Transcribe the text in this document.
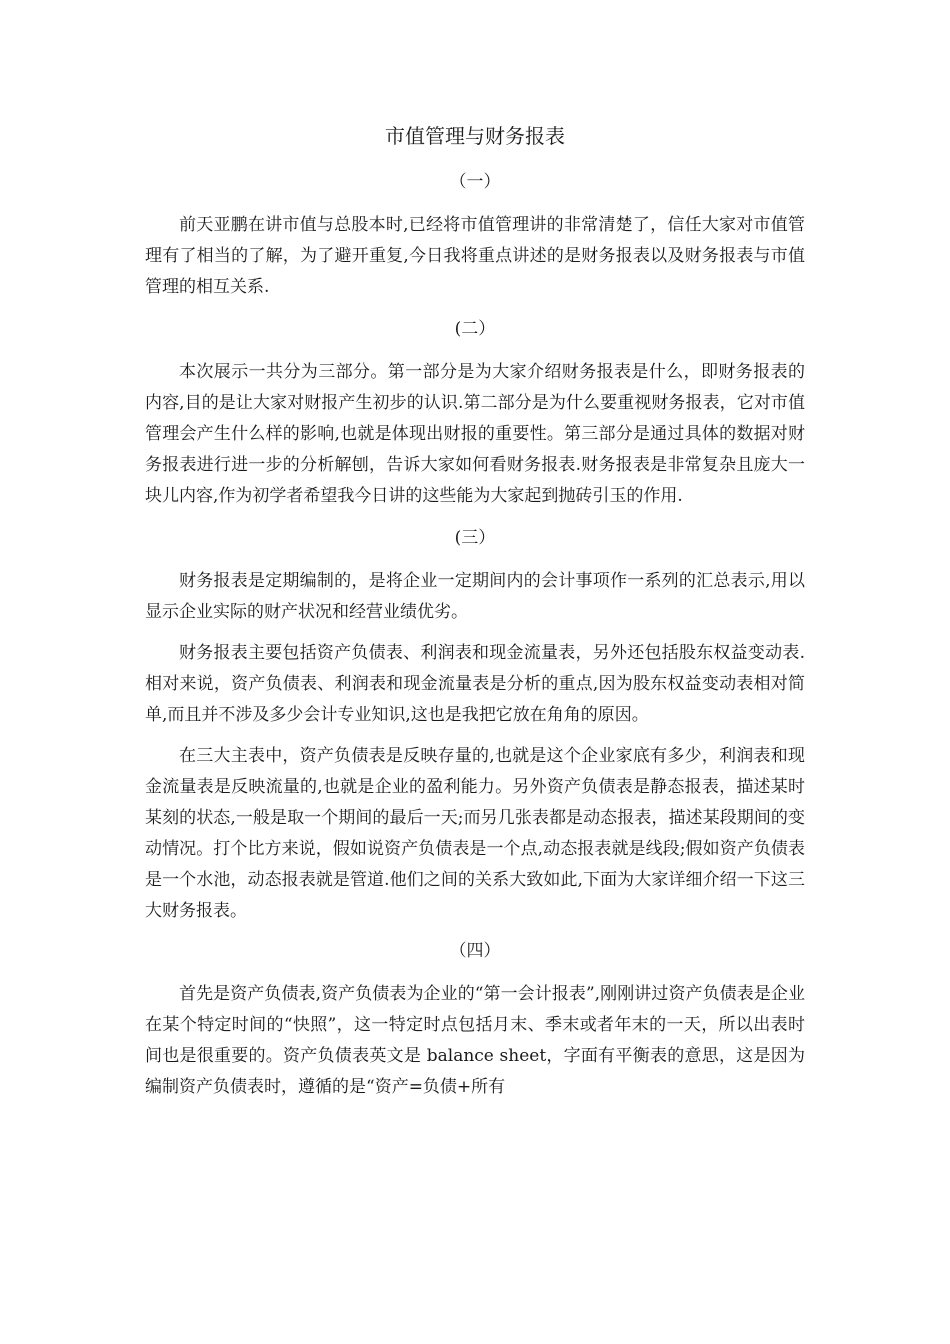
市值管理与财务报表
（一）

前天亚鹏在讲市值与总股本时,已经将市值管理讲的非常清楚了，信任大家对市值管理有了相当的了解，为了避开重复,今日我将重点讲述的是财务报表以及财务报表与市值管理的相互关系.

(二）

本次展示一共分为三部分。第一部分是为大家介绍财务报表是什么，即财务报表的内容,目的是让大家对财报产生初步的认识.第二部分是为什么要重视财务报表，它对市值管理会产生什么样的影响,也就是体现出财报的重要性。第三部分是通过具体的数据对财务报表进行进一步的分析解刨，告诉大家如何看财务报表.财务报表是非常复杂且庞大一块儿内容,作为初学者希望我今日讲的这些能为大家起到抛砖引玉的作用.

(三）

财务报表是定期编制的，是将企业一定期间内的会计事项作一系列的汇总表示,用以显示企业实际的财产状况和经营业绩优劣。

财务报表主要包括资产负债表、利润表和现金流量表，另外还包括股东权益变动表.相对来说，资产负债表、利润表和现金流量表是分析的重点,因为股东权益变动表相对简单,而且并不涉及多少会计专业知识,这也是我把它放在角角的原因。

在三大主表中，资产负债表是反映存量的,也就是这个企业家底有多少，利润表和现金流量表是反映流量的,也就是企业的盈利能力。另外资产负债表是静态报表，描述某时某刻的状态,一般是取一个期间的最后一天;而另几张表都是动态报表，描述某段期间的变动情况。打个比方来说，假如说资产负债表是一个点,动态报表就是线段;假如资产负债表是一个水池，动态报表就是管道.他们之间的关系大致如此,下面为大家详细介绍一下这三大财务报表。

（四）

首先是资产负债表,资产负债表为企业的“第一会计报表”,刚刚讲过资产负债表是企业在某个特定时间的“快照”，这一特定时点包括月末、季末或者年末的一天，所以出表时间也是很重要的。资产负债表英文是 balance sheet，字面有平衡表的意思，这是因为编制资产负债表时，遵循的是“资产=负债+所有
